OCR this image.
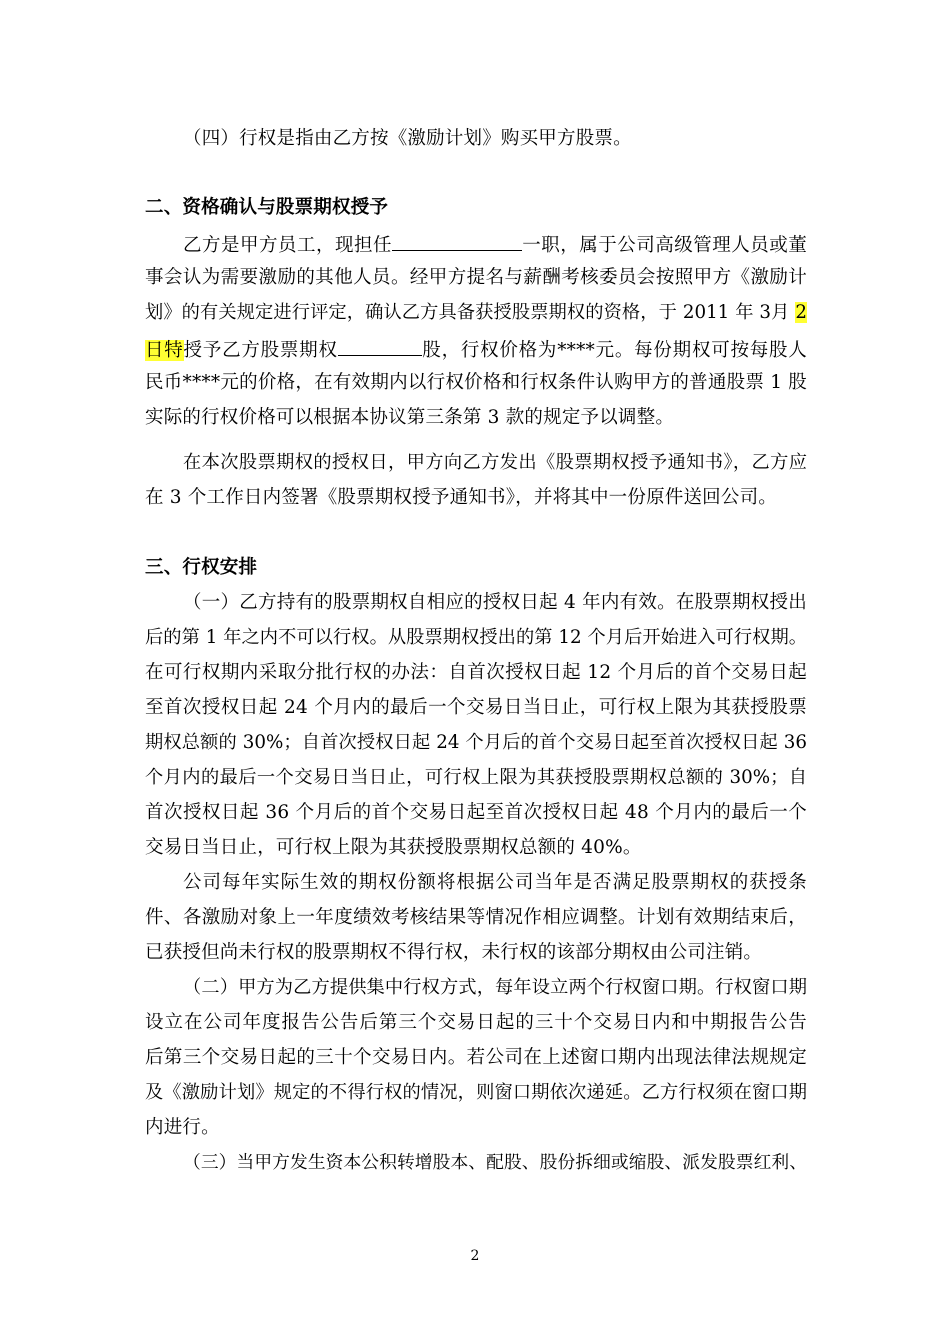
（四）行权是指由乙方按《激励计划》购买甲方股票。
二、资格确认与股票期权授予
乙方是甲方员工，现担任	一职，属于公司高级管理人员或董
事会认为需要激励的其他人员。经甲方提名与薪酬考核委员会按照甲方《激励计
划》的有关规定进行评定，确认乙方具备获授股票期权的资格，于 2011 年 3月 2
日特授予乙方股票期权	股，行权价格为****元。每份期权可按每股人
民币****元的价格，在有效期内以行权价格和行权条件认购甲方的普通股票 1 股
实际的行权价格可以根据本协议第三条第 3 款的规定予以调整。
在本次股票期权的授权日，甲方向乙方发出《股票期权授予通知书》，乙方应
在 3 个工作日内签署《股票期权授予通知书》，并将其中一份原件送回公司。
三、行权安排
（一）乙方持有的股票期权自相应的授权日起 4 年内有效。在股票期权授出
后的第 1 年之内不可以行权。从股票期权授出的第 12 个月后开始进入可行权期。
在可行权期内采取分批行权的办法：自首次授权日起 12 个月后的首个交易日起
至首次授权日起 24 个月内的最后一个交易日当日止，可行权上限为其获授股票
期权总额的 30%；自首次授权日起 24 个月后的首个交易日起至首次授权日起 36
个月内的最后一个交易日当日止，可行权上限为其获授股票期权总额的 30%；自
首次授权日起 36 个月后的首个交易日起至首次授权日起 48 个月内的最后一个
交易日当日止，可行权上限为其获授股票期权总额的 40%。
公司每年实际生效的期权份额将根据公司当年是否满足股票期权的获授条
件、各激励对象上一年度绩效考核结果等情况作相应调整。计划有效期结束后，
已获授但尚未行权的股票期权不得行权，未行权的该部分期权由公司注销。
（二）甲方为乙方提供集中行权方式，每年设立两个行权窗口期。行权窗口期
设立在公司年度报告公告后第三个交易日起的三十个交易日内和中期报告公告
后第三个交易日起的三十个交易日内。若公司在上述窗口期内出现法律法规规定
及《激励计划》规定的不得行权的情况，则窗口期依次递延。乙方行权须在窗口期
内进行。
（三）当甲方发生资本公积转增股本、配股、股份拆细或缩股、派发股票红利、
2
